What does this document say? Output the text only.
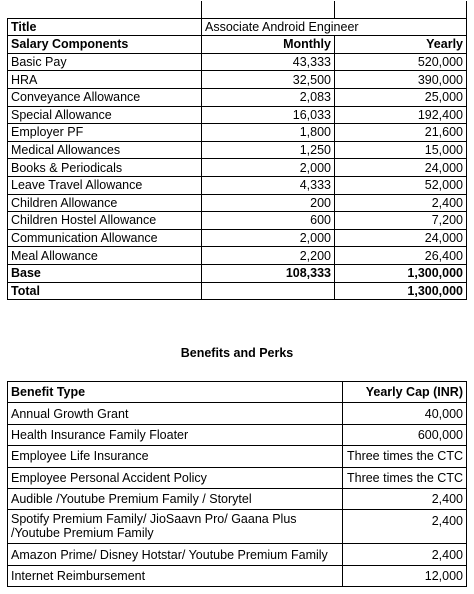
Title	Associate Android Engineer	
Salary Components	Monthly	Yearly
Basic Pay	43,333	520,000
HRA	32,500	390,000
Conveyance Allowance	2,083	25,000
Special Allowance	16,033	192,400
Employer PF	1,800	21,600
Medical Allowances	1,250	15,000
Books & Periodicals	2,000	24,000
Leave Travel Allowance	4,333	52,000
Children Allowance	200	2,400
Children Hostel Allowance	600	7,200
Communication Allowance	2,000	24,000
Meal Allowance	2,200	26,400
Base	108,333	1,300,000
Total		1,300,000
Benefits and Perks
Benefit Type	Yearly Cap (INR)
Annual Growth Grant	40,000
Health Insurance Family Floater	600,000
Employee Life Insurance	Three times the CTC
Employee Personal Accident Policy	Three times the CTC
Audible /Youtube Premium Family / Storytel	2,400
Spotify Premium Family/ JioSaavn Pro/ Gaana Plus /Youtube Premium Family	2,400
Amazon Prime/ Disney Hotstar/ Youtube Premium Family	2,400
Internet Reimbursement	12,000
